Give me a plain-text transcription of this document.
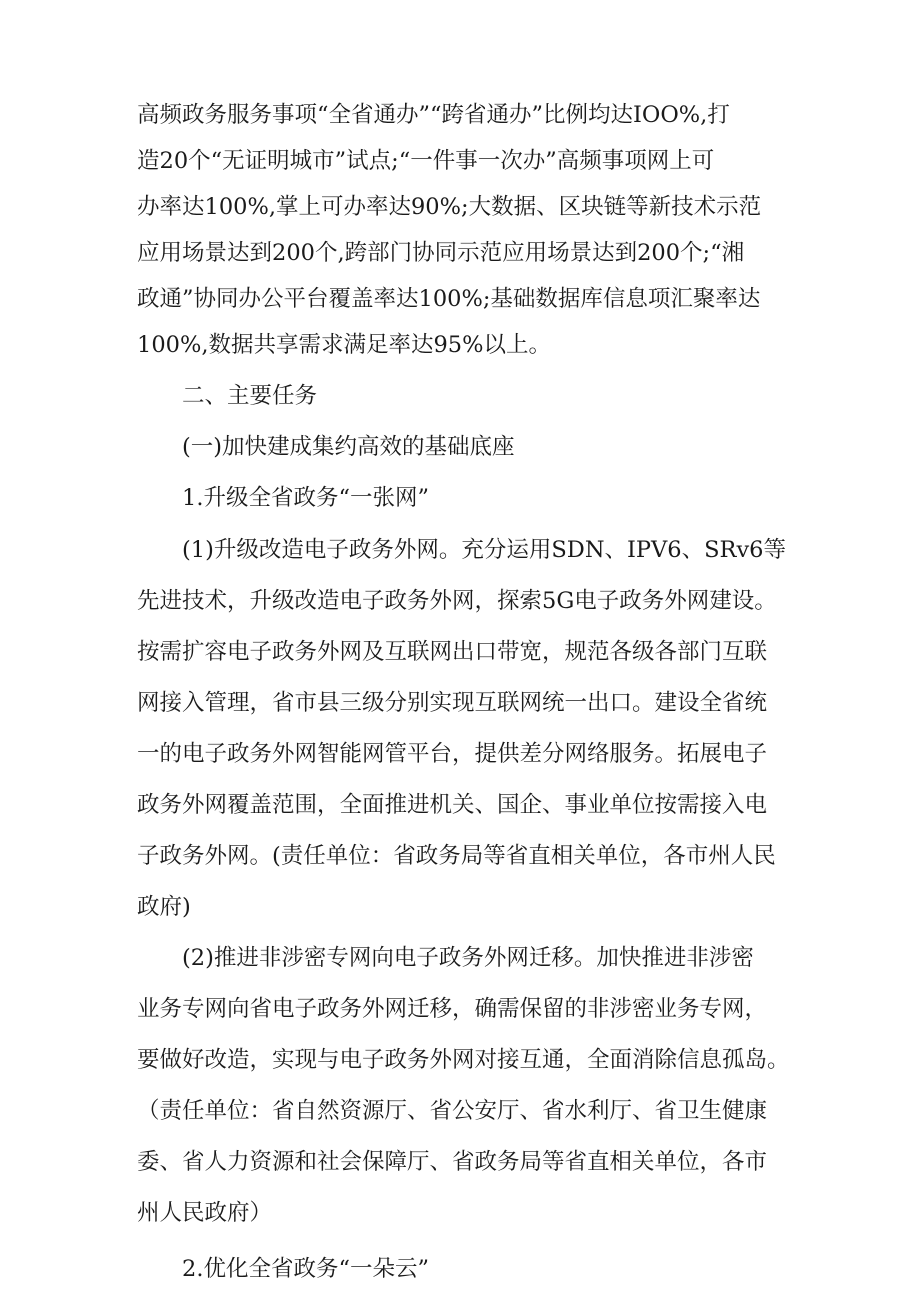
高频政务服务事项“全省通办”“跨省通办”比例均达IOO%,打
造20个“无证明城市”试点;“一件事一次办”高频事项网上可
办率达100%,掌上可办率达90%;大数据、区块链等新技术示范
应用场景达到200个,跨部门协同示范应用场景达到200个;“湘
政通”协同办公平台覆盖率达100%;基础数据库信息项汇聚率达
100%,数据共享需求满足率达95%以上。
二、主要任务
(一)加快建成集约高效的基础底座
1.升级全省政务“一张网”
(1)升级改造电子政务外网。充分运用SDN、IPV6、SRv6等
先进技术，升级改造电子政务外网，探索5G电子政务外网建设。
按需扩容电子政务外网及互联网出口带宽，规范各级各部门互联
网接入管理，省市县三级分别实现互联网统一出口。建设全省统
一的电子政务外网智能网管平台，提供差分网络服务。拓展电子
政务外网覆盖范围，全面推进机关、国企、事业单位按需接入电
子政务外网。(责任单位：省政务局等省直相关单位，各市州人民
政府)
(2)推进非涉密专网向电子政务外网迁移。加快推进非涉密
业务专网向省电子政务外网迁移，确需保留的非涉密业务专网，
要做好改造，实现与电子政务外网对接互通，全面消除信息孤岛。
（责任单位：省自然资源厅、省公安厅、省水利厅、省卫生健康
委、省人力资源和社会保障厅、省政务局等省直相关单位，各市
州人民政府）
2.优化全省政务“一朵云”
